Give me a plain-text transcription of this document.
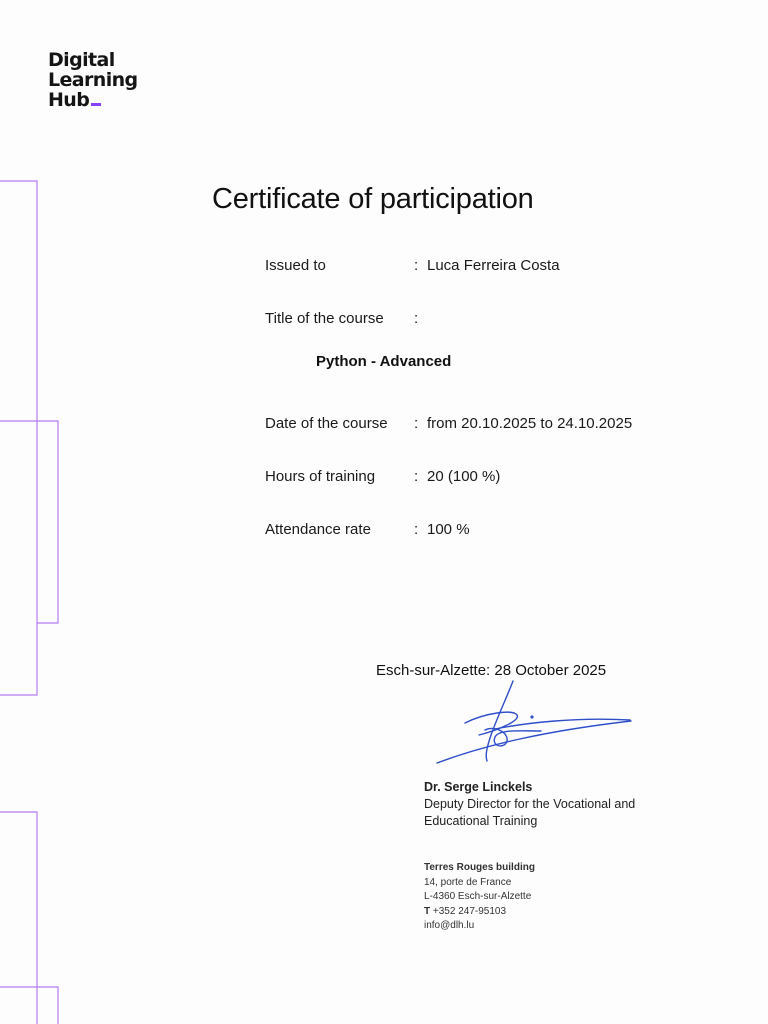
Digital
Learning
Hub
Certificate of participation
Issued to	: Luca Ferreira Costa
Title of the course :
Python - Advanced
Date of the course : from 20.10.2025 to 24.10.2025
Hours of training	: 20 (100 %)
Attendance rate	: 100 %
Esch-sur-Alzette: 28 October 2025
Dr. Serge Linckels
Deputy Director for the Vocational and
Educational Training
Terres Rouges building
14, porte de France
L-4360 Esch-sur-Alzette
T +352 247-95103
info@dlh.lu
